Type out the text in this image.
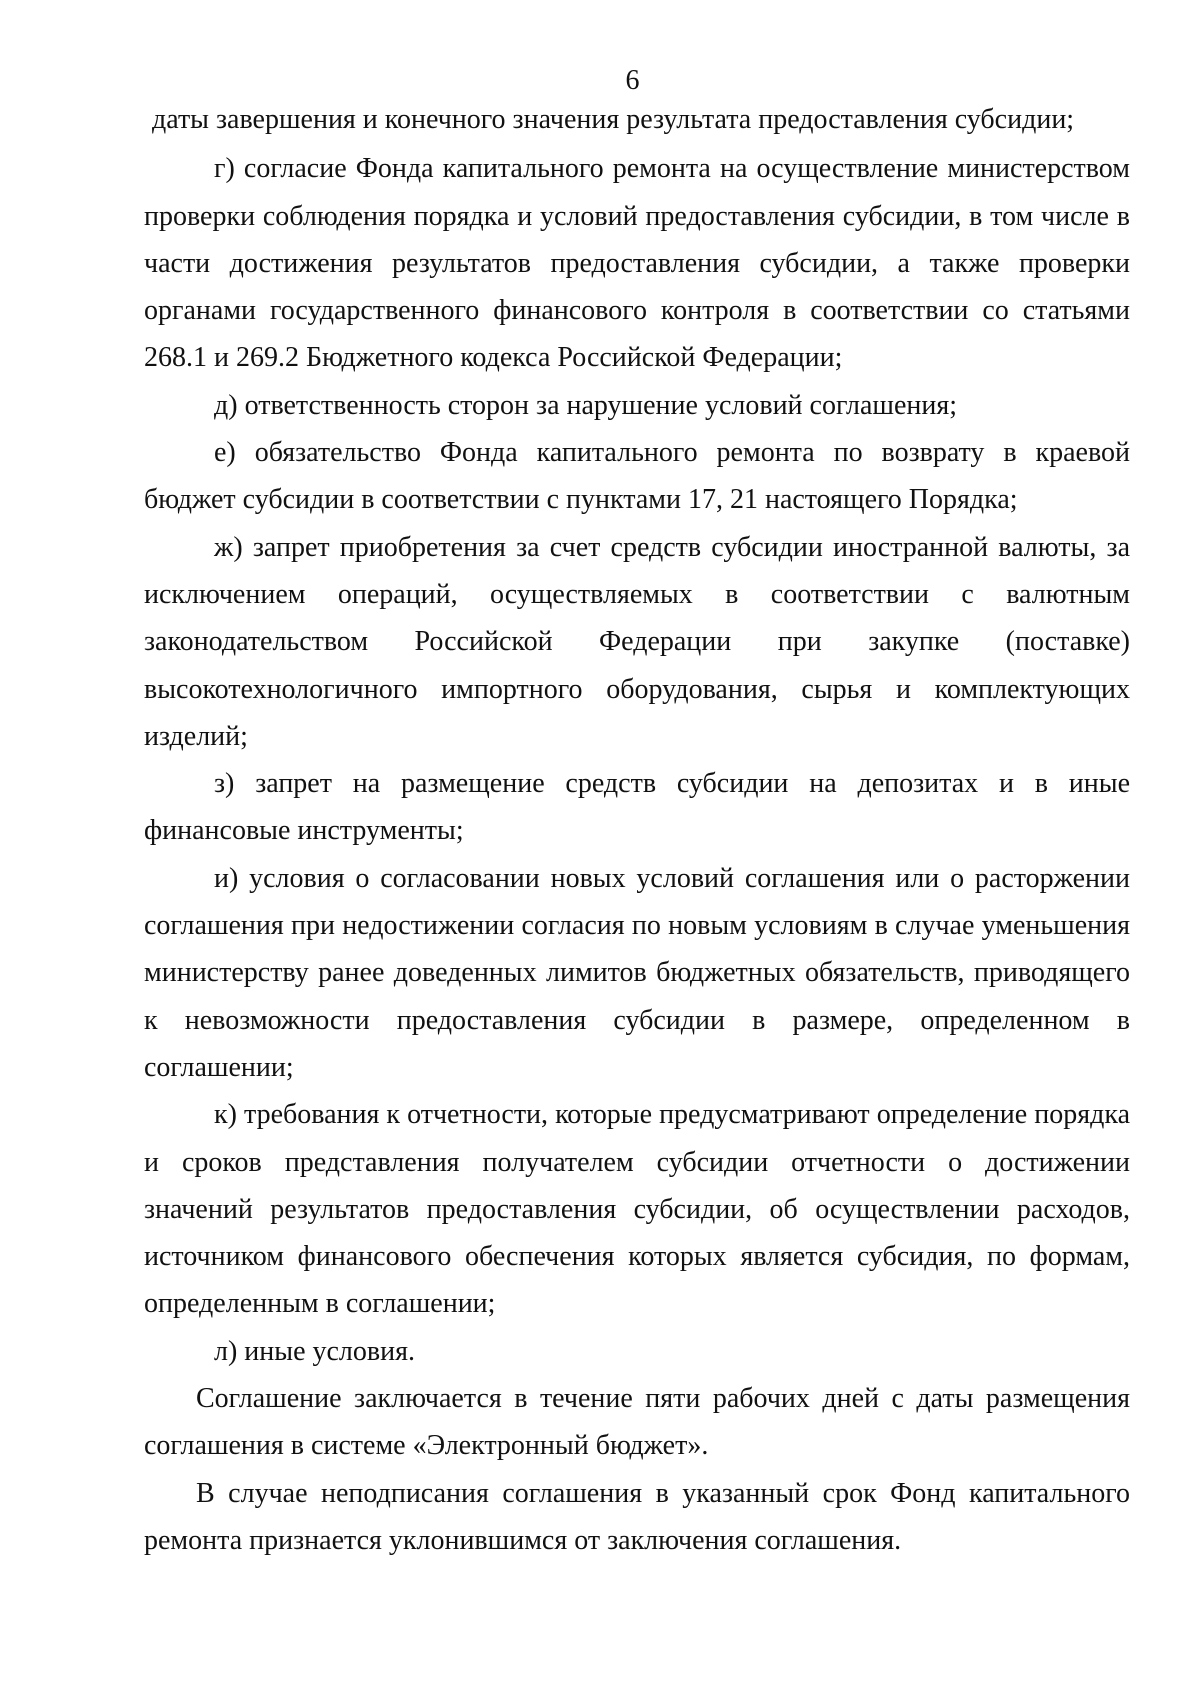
6

даты завершения и конечного значения результата предоставления субсидии;

г) согласие Фонда капитального ремонта на осуществление министерством проверки соблюдения порядка и условий предоставления субсидии, в том числе в части достижения результатов предоставления субсидии, а также проверки органами государственного финансового контроля в соответствии со статьями 268.1 и 269.2 Бюджетного кодекса Российской Федерации;

д) ответственность сторон за нарушение условий соглашения;

е) обязательство Фонда капитального ремонта по возврату в краевой бюджет субсидии в соответствии с пунктами 17, 21 настоящего Порядка;

ж) запрет приобретения за счет средств субсидии иностранной валюты, за исключением операций, осуществляемых в соответствии с валютным законодательством Российской Федерации при закупке (поставке) высокотехнологичного импортного оборудования, сырья и комплектующих изделий;

з) запрет на размещение средств субсидии на депозитах и в иные финансовые инструменты;

и) условия о согласовании новых условий соглашения или о расторжении соглашения при недостижении согласия по новым условиям в случае уменьшения министерству ранее доведенных лимитов бюджетных обязательств, приводящего к невозможности предоставления субсидии в размере, определенном в соглашении;

к) требования к отчетности, которые предусматривают определение порядка и сроков представления получателем субсидии отчетности о достижении значений результатов предоставления субсидии, об осуществлении расходов, источником финансового обеспечения которых является субсидия, по формам, определенным в соглашении;

л) иные условия.

Соглашение заключается в течение пяти рабочих дней с даты размещения соглашения в системе «Электронный бюджет».

В случае неподписания соглашения в указанный срок Фонд капитального ремонта признается уклонившимся от заключения соглашения.
